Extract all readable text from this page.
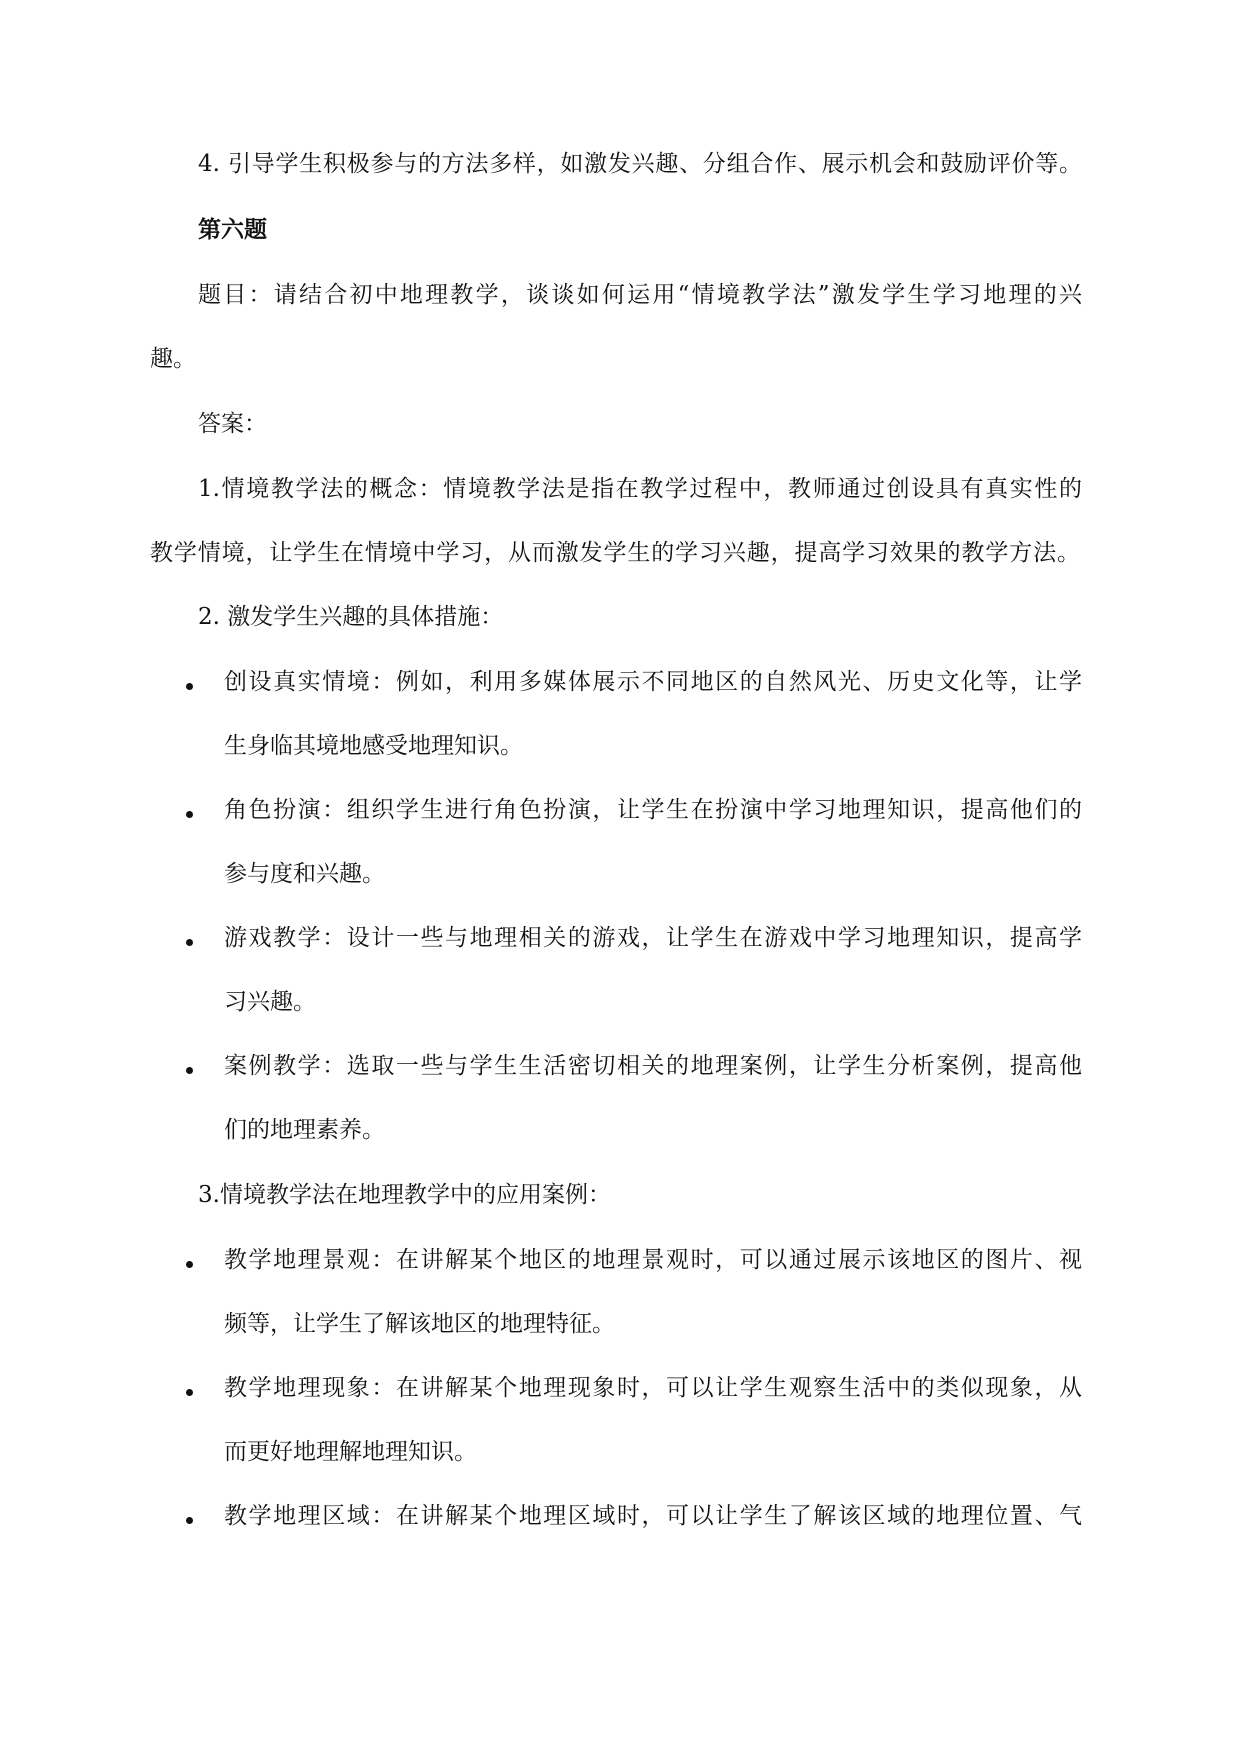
4. 引导学生积极参与的方法多样，如激发兴趣、分组合作、展示机会和鼓励评价等。
第六题
题目：请结合初中地理教学，谈谈如何运用“情境教学法”激发学生学习地理的兴
趣。
答案：
1.情境教学法的概念：情境教学法是指在教学过程中，教师通过创设具有真实性的
教学情境，让学生在情境中学习，从而激发学生的学习兴趣，提高学习效果的教学方法。
2. 激发学生兴趣的具体措施：
创设真实情境：例如，利用多媒体展示不同地区的自然风光、历史文化等，让学
生身临其境地感受地理知识。
角色扮演：组织学生进行角色扮演，让学生在扮演中学习地理知识，提高他们的
参与度和兴趣。
游戏教学：设计一些与地理相关的游戏，让学生在游戏中学习地理知识，提高学
习兴趣。
案例教学：选取一些与学生生活密切相关的地理案例，让学生分析案例，提高他
们的地理素养。
3.情境教学法在地理教学中的应用案例：
教学地理景观：在讲解某个地区的地理景观时，可以通过展示该地区的图片、视
频等，让学生了解该地区的地理特征。
教学地理现象：在讲解某个地理现象时，可以让学生观察生活中的类似现象，从
而更好地理解地理知识。
教学地理区域：在讲解某个地理区域时，可以让学生了解该区域的地理位置、气
